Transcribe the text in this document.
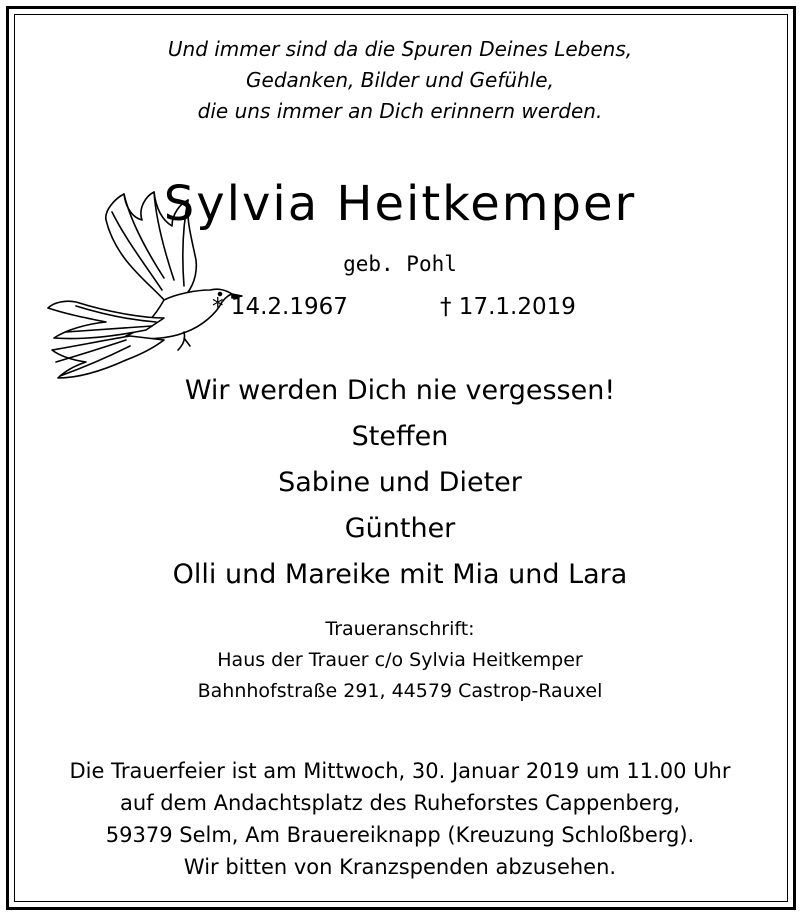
Und immer sind da die Spuren Deines Lebens,
Gedanken, Bilder und Gefühle,
die uns immer an Dich erinnern werden.
Sylvia Heitkemper
geb. Pohl
* 14.2.1967	† 17.1.2019
Wir werden Dich nie vergessen!
Steffen
Sabine und Dieter
Günther
Olli und Mareike mit Mia und Lara
Traueranschrift:
Haus der Trauer c/o Sylvia Heitkemper
Bahnhofstraße 291, 44579 Castrop-Rauxel
Die Trauerfeier ist am Mittwoch, 30. Januar 2019 um 11.00 Uhr
auf dem Andachtsplatz des Ruheforstes Cappenberg,
59379 Selm, Am Brauereiknapp (Kreuzung Schloßberg).
Wir bitten von Kranzspenden abzusehen.
